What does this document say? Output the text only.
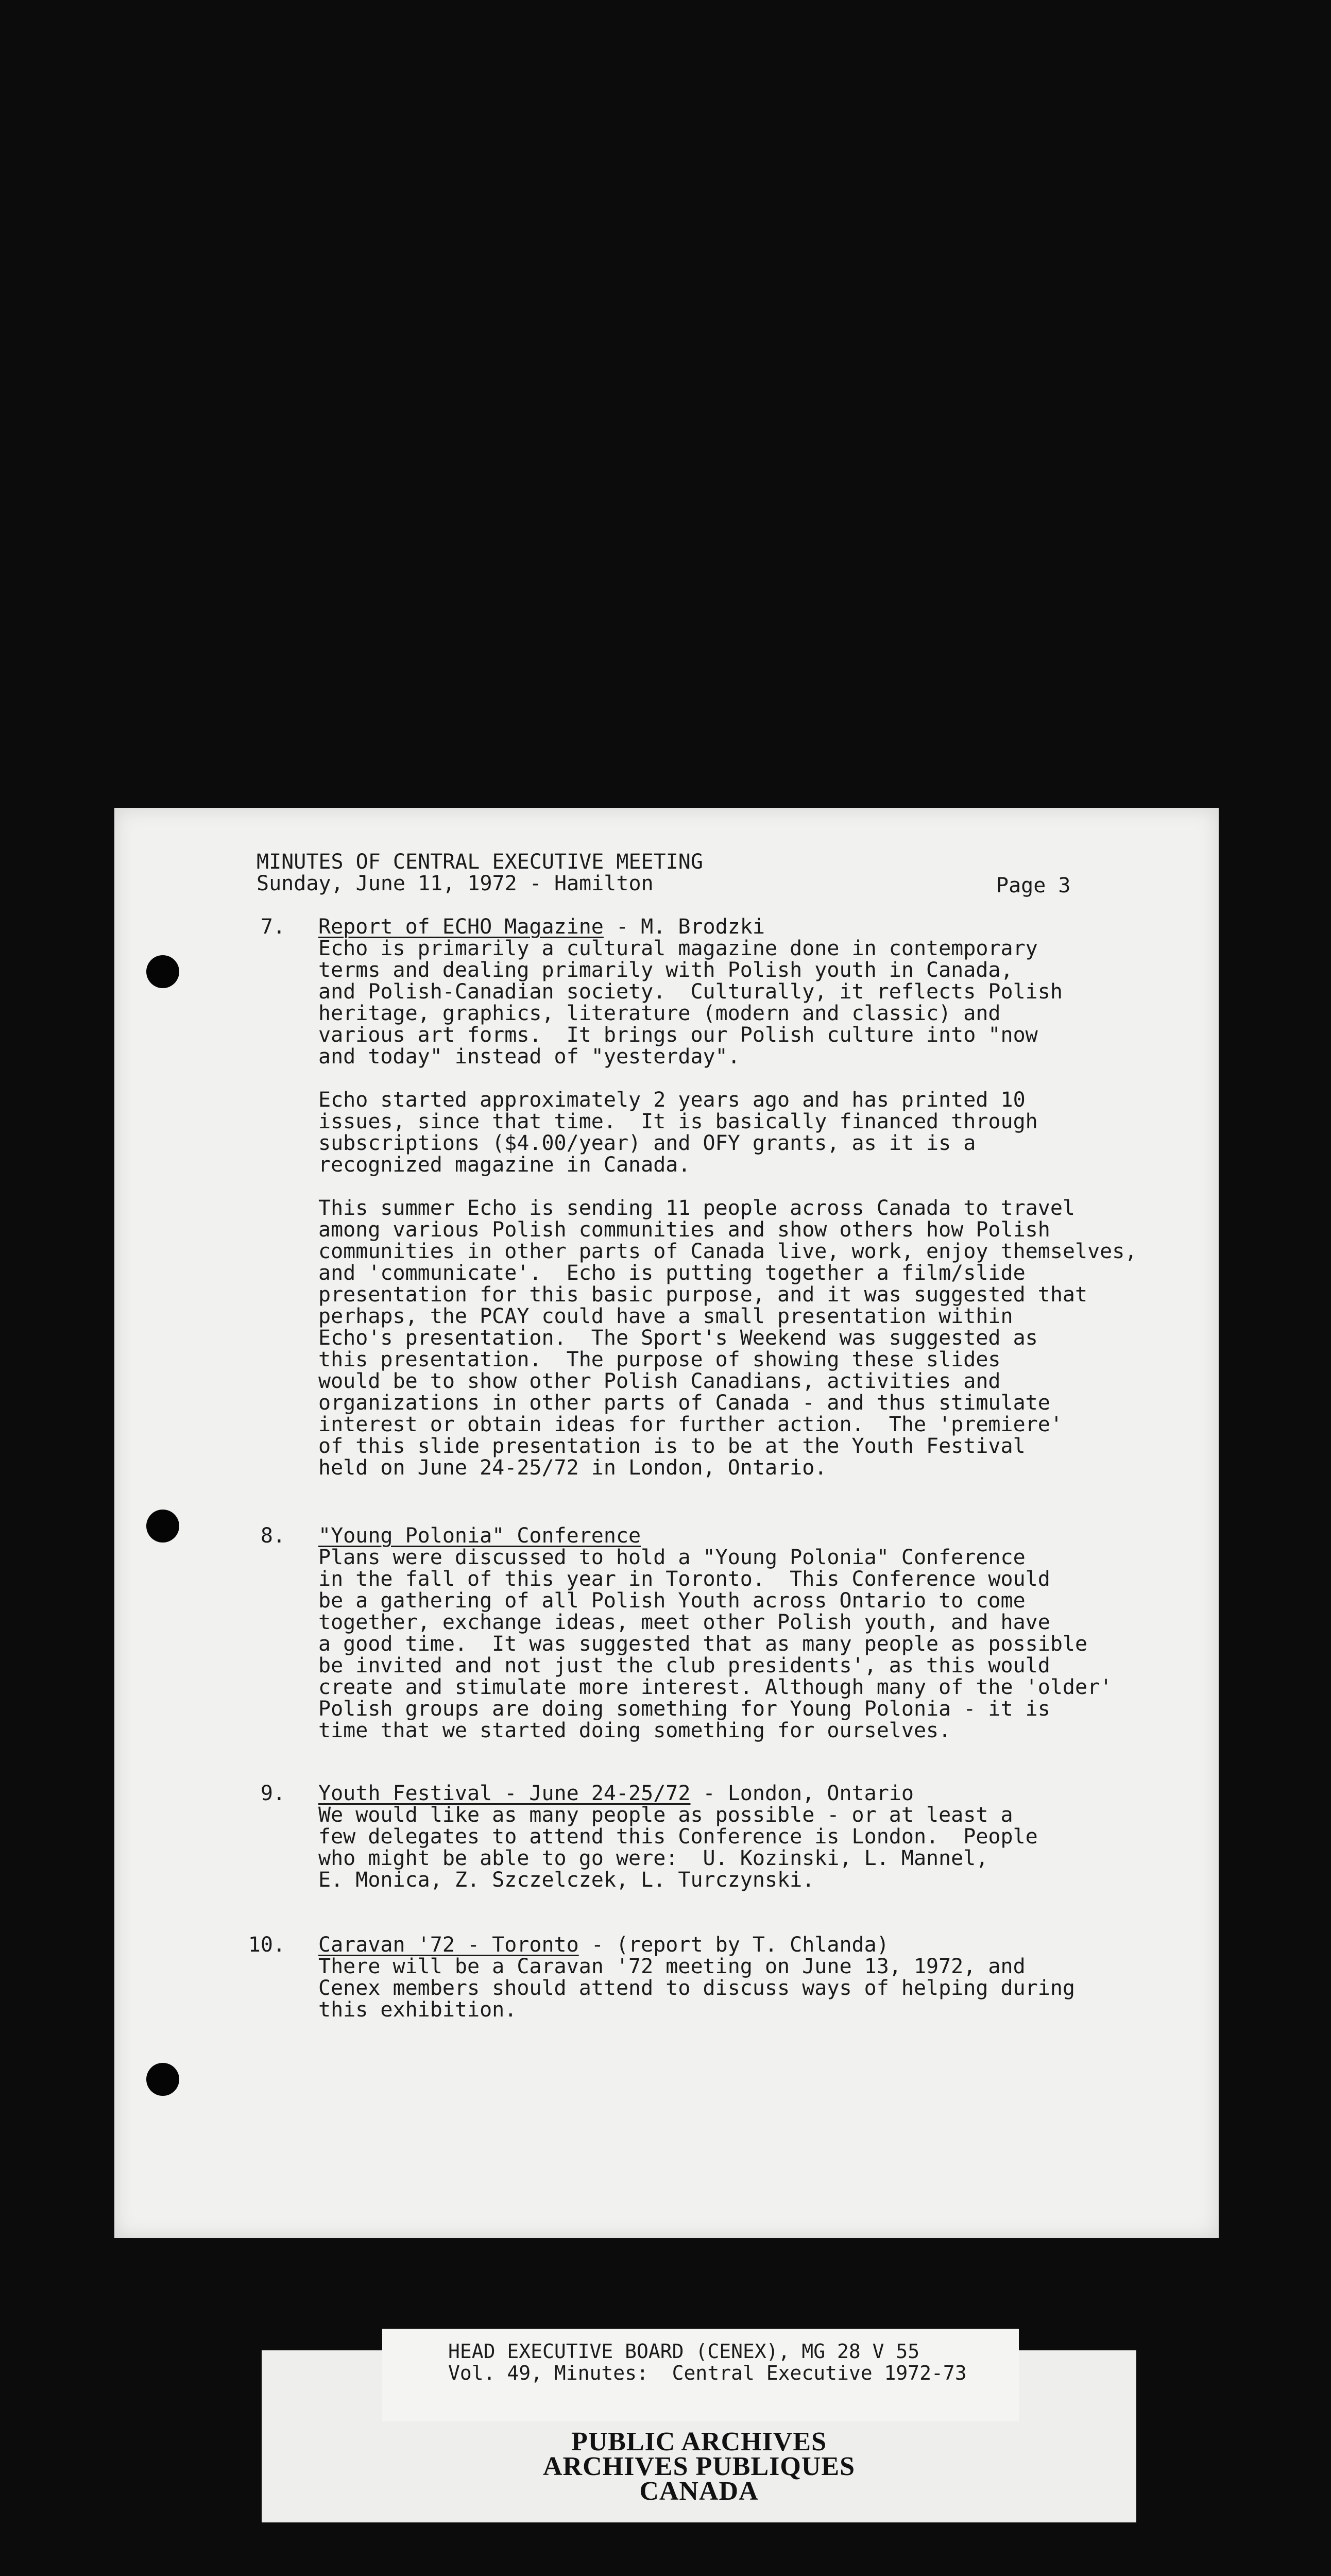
MINUTES OF CENTRAL EXECUTIVE MEETING
Sunday, June 11, 1972 - Hamilton	Page 3
7. Report of ECHO Magazine - M. Brodzki
Echo is primarily a cultural magazine done in contemporary
terms and dealing primarily with Polish youth in Canada,
and Polish-Canadian society.  Culturally, it reflects Polish
heritage, graphics, literature (modern and classic) and
various art forms.  It brings our Polish culture into "now
and today" instead of "yesterday".
Echo started approximately 2 years ago and has printed 10
issues, since that time.  It is basically financed through
subscriptions ($4.00/year) and OFY grants, as it is a
recognized magazine in Canada.
This summer Echo is sending 11 people across Canada to travel
among various Polish communities and show others how Polish
communities in other parts of Canada live, work, enjoy themselves,
and 'communicate'.  Echo is putting together a film/slide
presentation for this basic purpose, and it was suggested that
perhaps, the PCAY could have a small presentation within
Echo's presentation.  The Sport's Weekend was suggested as
this presentation.  The purpose of showing these slides
would be to show other Polish Canadians, activities and
organizations in other parts of Canada - and thus stimulate
interest or obtain ideas for further action.  The 'premiere'
of this slide presentation is to be at the Youth Festival
held on June 24-25/72 in London, Ontario.
8. "Young Polonia" Conference
Plans were discussed to hold a "Young Polonia" Conference
in the fall of this year in Toronto.  This Conference would
be a gathering of all Polish Youth across Ontario to come
together, exchange ideas, meet other Polish youth, and have
a good time.  It was suggested that as many people as possible
be invited and not just the club presidents', as this would
create and stimulate more interest. Although many of the 'older'
Polish groups are doing something for Young Polonia - it is
time that we started doing something for ourselves.
9. Youth Festival - June 24-25/72 - London, Ontario
We would like as many people as possible - or at least a
few delegates to attend this Conference is London.  People
who might be able to go were:  U. Kozinski, L. Mannel,
E. Monica, Z. Szczelczek, L. Turczynski.
10. Caravan '72 - Toronto - (report by T. Chlanda)
There will be a Caravan '72 meeting on June 13, 1972, and
Cenex members should attend to discuss ways of helping during
this exhibition.
PUBLIC ARCHIVES
ARCHIVES PUBLIQUES
CANADA
HEAD EXECUTIVE BOARD (CENEX), MG 28 V 55
Vol. 49, Minutes:  Central Executive 1972-73
